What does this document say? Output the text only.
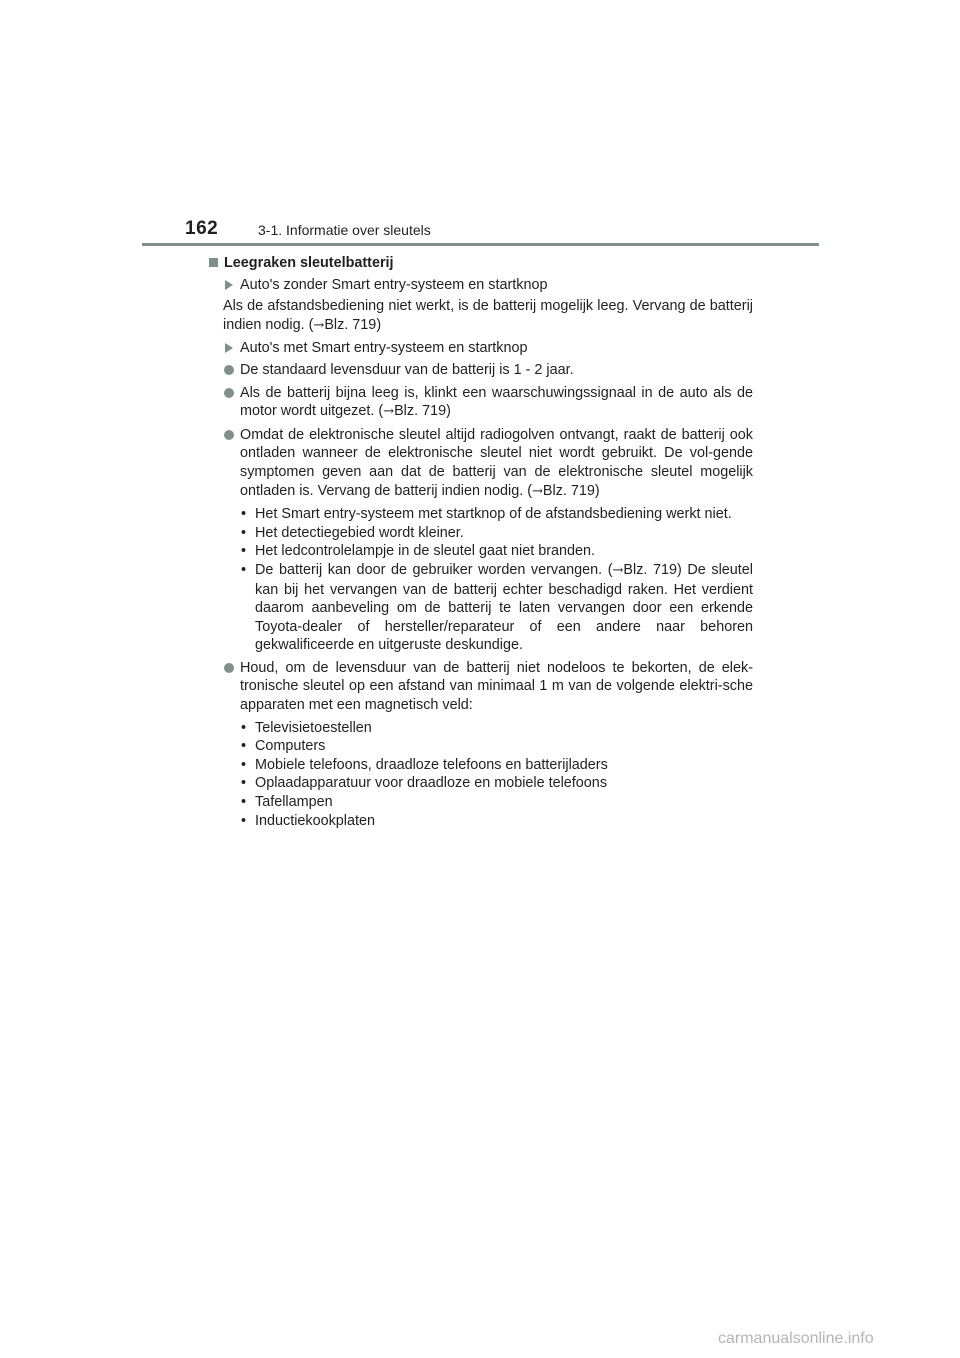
162	3-1. Informatie over sleutels
Leegraken sleutelbatterij
Auto's zonder Smart entry-systeem en startknop
Als de afstandsbediening niet werkt, is de batterij mogelijk leeg. Vervang de batterij indien nodig. (→Blz. 719)
Auto's met Smart entry-systeem en startknop
De standaard levensduur van de batterij is 1 - 2 jaar.
Als de batterij bijna leeg is, klinkt een waarschuwingssignaal in de auto als de motor wordt uitgezet. (→Blz. 719)
Omdat de elektronische sleutel altijd radiogolven ontvangt, raakt de batterij ook ontladen wanneer de elektronische sleutel niet wordt gebruikt. De vol-gende symptomen geven aan dat de batterij van de elektronische sleutel mogelijk ontladen is. Vervang de batterij indien nodig. (→Blz. 719)
• Het Smart entry-systeem met startknop of de afstandsbediening werkt niet.
• Het detectiegebied wordt kleiner.
• Het ledcontrolelampje in de sleutel gaat niet branden.
• De batterij kan door de gebruiker worden vervangen. (→Blz. 719) De sleutel kan bij het vervangen van de batterij echter beschadigd raken. Het verdient daarom aanbeveling om de batterij te laten vervangen door een erkende Toyota-dealer of hersteller/reparateur of een andere naar behoren gekwalificeerde en uitgeruste deskundige.
Houd, om de levensduur van de batterij niet nodeloos te bekorten, de elek-tronische sleutel op een afstand van minimaal 1 m van de volgende elektri-sche apparaten met een magnetisch veld:
• Televisietoestellen
• Computers
• Mobiele telefoons, draadloze telefoons en batterijladers
• Oplaadapparatuur voor draadloze en mobiele telefoons
• Tafellampen
• Inductiekookplaten
carmanualsonline.info
